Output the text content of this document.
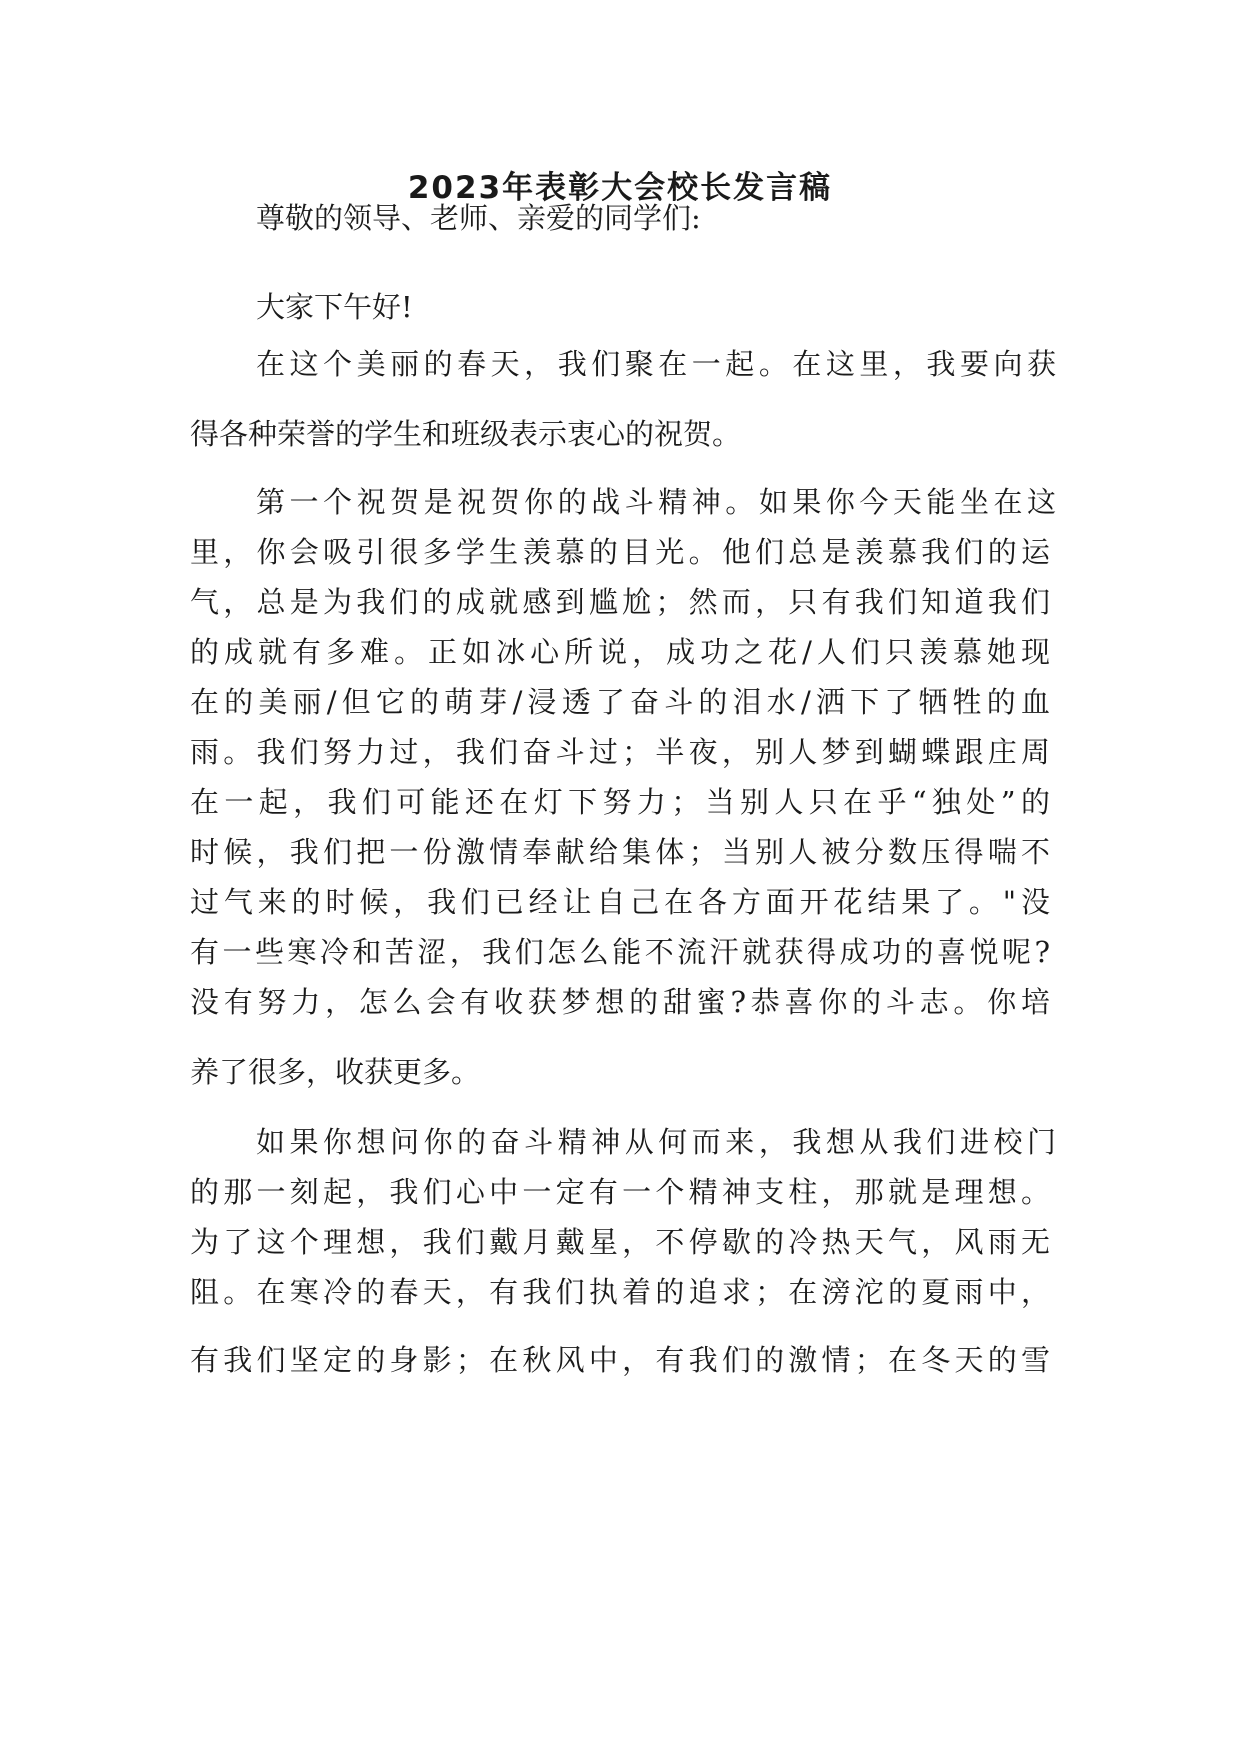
2023年表彰大会校长发言稿

尊敬的领导、老师、亲爱的同学们:

大家下午好!

在这个美丽的春天，我们聚在一起。在这里，我要向获

得各种荣誉的学生和班级表示衷心的祝贺。

第一个祝贺是祝贺你的战斗精神。如果你今天能坐在这

里，你会吸引很多学生羡慕的目光。他们总是羡慕我们的运

气，总是为我们的成就感到尴尬；然而，只有我们知道我们

的成就有多难。正如冰心所说，成功之花/人们只羡慕她现

在的美丽/但它的萌芽/浸透了奋斗的泪水/洒下了牺牲的血

雨。我们努力过，我们奋斗过；半夜，别人梦到蝴蝶跟庄周

在一起，我们可能还在灯下努力；当别人只在乎“独处”的

时候，我们把一份激情奉献给集体；当别人被分数压得喘不

过气来的时候，我们已经让自己在各方面开花结果了。"没

有一些寒冷和苦涩，我们怎么能不流汗就获得成功的喜悦呢?

没有努力，怎么会有收获梦想的甜蜜?恭喜你的斗志。你培

养了很多，收获更多。

如果你想问你的奋斗精神从何而来，我想从我们进校门

的那一刻起，我们心中一定有一个精神支柱，那就是理想。

为了这个理想，我们戴月戴星，不停歇的冷热天气，风雨无

阻。在寒冷的春天，有我们执着的追求；在滂沱的夏雨中，

有我们坚定的身影；在秋风中，有我们的激情；在冬天的雪
